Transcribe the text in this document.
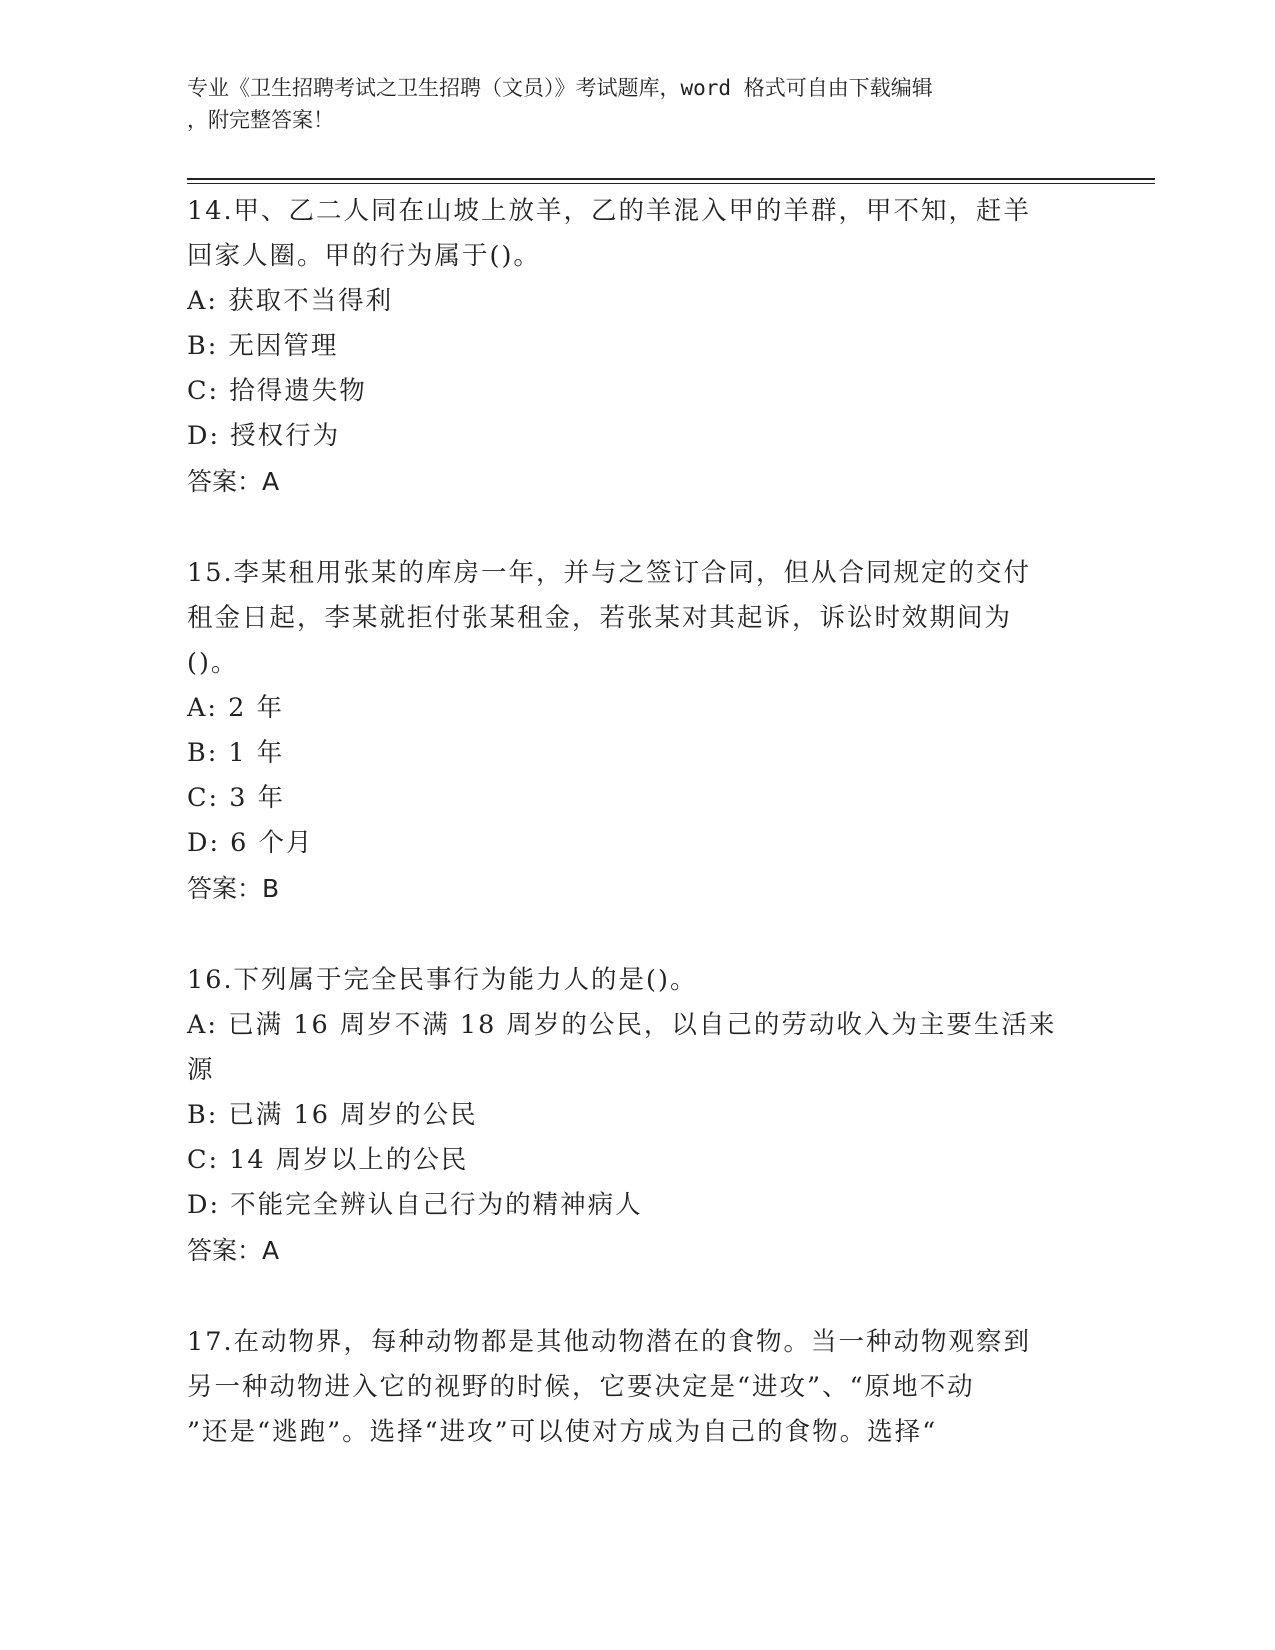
专业《卫生招聘考试之卫生招聘（文员）》考试题库，word 格式可自由下载编辑
，附完整答案！
14.甲、乙二人同在山坡上放羊，乙的羊混入甲的羊群，甲不知，赶羊
回家人圈。甲的行为属于()。
A: 获取不当得利
B: 无因管理
C: 拾得遗失物
D: 授权行为
答案：A
15.李某租用张某的库房一年，并与之签订合同，但从合同规定的交付
租金日起，李某就拒付张某租金，若张某对其起诉，诉讼时效期间为
()。
A: 2 年
B: 1 年
C: 3 年
D: 6 个月
答案：B
16.下列属于完全民事行为能力人的是()。
A: 已满 16 周岁不满 18 周岁的公民，以自己的劳动收入为主要生活来
源
B: 已满 16 周岁的公民
C: 14 周岁以上的公民
D: 不能完全辨认自己行为的精神病人
答案：A
17.在动物界，每种动物都是其他动物潜在的食物。当一种动物观察到
另一种动物进入它的视野的时候，它要决定是“进攻”、“原地不动
”还是“逃跑”。选择“进攻”可以使对方成为自己的食物。选择“
